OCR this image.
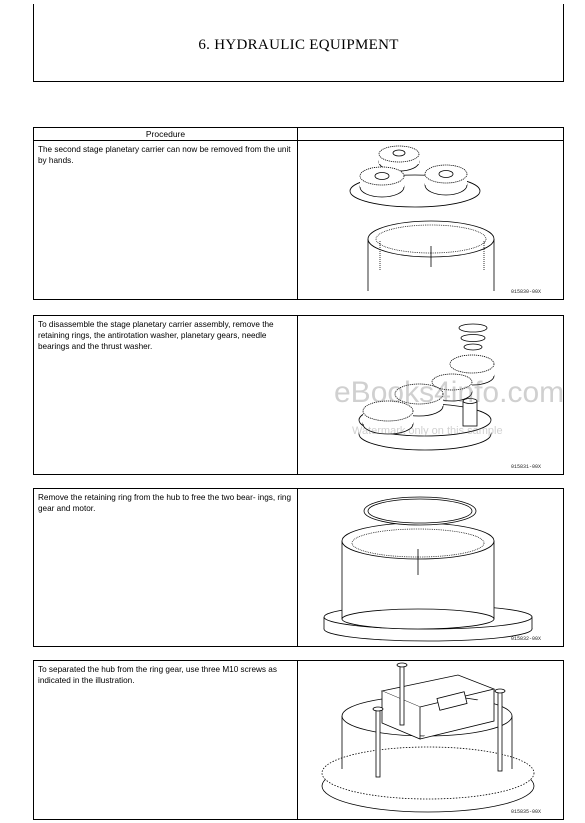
6. HYDRAULIC EQUIPMENT
Procedure
The second stage planetary carrier can now be removed from the unit by hands.
015830-00X
To disassemble the stage planetary carrier assembly, remove the retaining rings, the antirotation washer, planetary gears, needle bearings and the thrust washer.
015831-00X
Remove the retaining ring from the hub to free the two bear- ings, ring gear and motor.
015832-00X
To separated the hub from the ring gear, use three M10 screws as indicated in the illustration.
015835-00X
eBooks4info.com
Watermark only on this sample
